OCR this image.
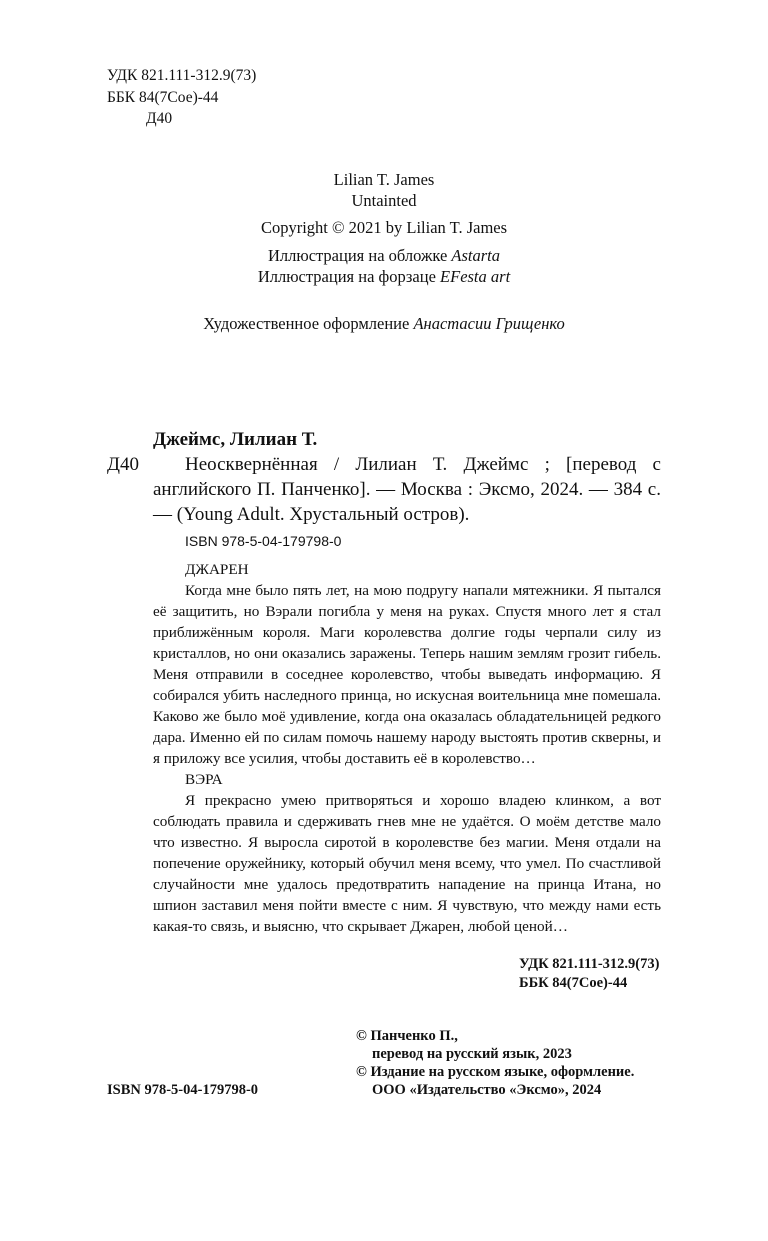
УДК 821.111-312.9(73)
ББК 84(7Сое)-44
Д40
Lilian T. James
Untainted
Copyright © 2021 by Lilian T. James
Иллюстрация на обложке Astarta
Иллюстрация на форзаце EFesta art
Художественное оформление Анастасии Грищенко
Джеймс, Лилиан Т.
Д40	Неосквернённая / Лилиан Т. Джеймс ; [перевод с английского П. Панченко]. — Москва : Эксмо, 2024. — 384 с. — (Young Adult. Хрустальный остров).
ISBN 978-5-04-179798-0

ДЖАРЕН

Когда мне было пять лет, на мою подругу напали мятежники. Я пытался её защитить, но Вэрали погибла у меня на руках. Спустя много лет я стал приближённым короля. Маги королевства долгие годы черпали силу из кристаллов, но они оказались заражены. Теперь нашим землям грозит гибель. Меня отправили в соседнее королевство, чтобы выведать информацию. Я собирался убить наследного принца, но искусная воительница мне помешала. Каково же было моё удивление, когда она оказалась обладательницей редкого дара. Именно ей по силам помочь нашему народу выстоять против скверны, и я приложу все усилия, чтобы доставить её в королевство…

ВЭРА

Я прекрасно умею притворяться и хорошо владею клинком, а вот соблюдать правила и сдерживать гнев мне не удаётся. О моём детстве мало что известно. Я выросла сиротой в королевстве без магии. Меня отдали на попечение оружейнику, который обучил меня всему, что умел. По счастливой случайности мне удалось предотвратить нападение на принца Итана, но шпион заставил меня пойти вместе с ним. Я чувствую, что между нами есть какая-то связь, и выясню, что скрывает Джарен, любой ценой…

УДК 821.111-312.9(73)
ББК 84(7Сое)-44
© Панченко П.,
перевод на русский язык, 2023
© Издание на русском языке, оформление.
ООО «Издательство «Эксмо», 2024
ISBN 978-5-04-179798-0
